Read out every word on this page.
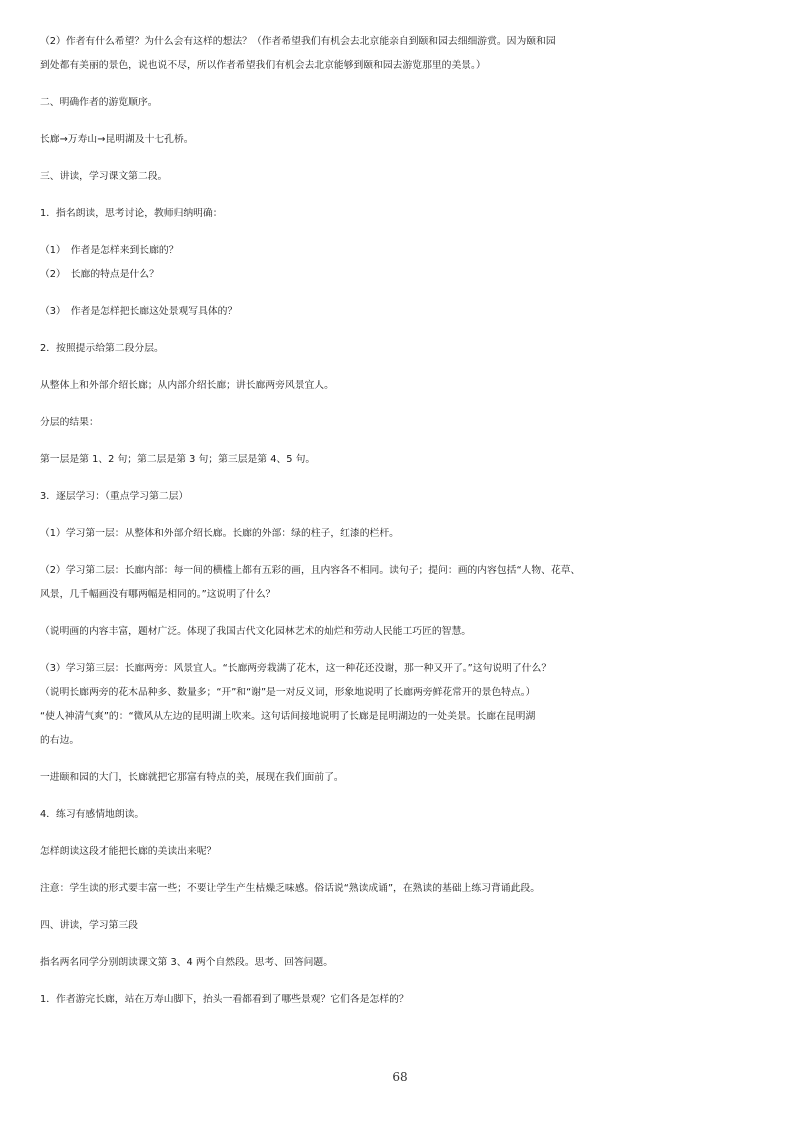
（2）作者有什么希望？为什么会有这样的想法？（作者希望我们有机会去北京能亲自到颐和园去细细游赏。因为颐和园

到处都有美丽的景色，说也说不尽，所以作者希望我们有机会去北京能够到颐和园去游览那里的美景。）

二、明确作者的游览顺序。

长廊→万寿山→昆明湖及十七孔桥。

三、讲读，学习课文第二段。

1．指名朗读，思考讨论，教师归纳明确：

（1）　作者是怎样来到长廊的？

（2）　长廊的特点是什么？

（3）　作者是怎样把长廊这处景观写具体的？

2．按照提示给第二段分层。

从整体上和外部介绍长廊；从内部介绍长廊；讲长廊两旁风景宜人。

分层的结果：

第一层是第 1、2 句；第二层是第 3 句；第三层是第 4、5 句。

3．逐层学习：（重点学习第二层）

（1）学习第一层：从整体和外部介绍长廊。长廊的外部：绿的柱子，红漆的栏杆。

（2）学习第二层：长廊内部：每一间的横槛上都有五彩的画，且内容各不相同。读句子；提问：画的内容包括“人物、花草、

风景，几千幅画没有哪两幅是相同的。”这说明了什么？

（说明画的内容丰富，题材广泛。体现了我国古代文化园林艺术的灿烂和劳动人民能工巧匠的智慧。

（3）学习第三层：长廊两旁：风景宜人。“长廊两旁栽满了花木，这一种花还没谢，那一种又开了。”这句说明了什么？

（说明长廊两旁的花木品种多、数量多；“开”和“谢”是一对反义词，形象地说明了长廊两旁鲜花常开的景色特点。）

“使人神清气爽”的：“微风从左边的昆明湖上吹来。这句话间接地说明了长廊是昆明湖边的一处美景。长廊在昆明湖

的右边。

一进颐和园的大门，长廊就把它那富有特点的美，展现在我们面前了。

4．练习有感情地朗读。

怎样朗读这段才能把长廊的美读出来呢？

注意：学生读的形式要丰富一些；不要让学生产生枯燥乏味感。俗话说“熟读成诵”，在熟读的基础上练习背诵此段。

四、讲读，学习第三段

指名两名同学分别朗读课文第 3、4 两个自然段。思考、回答问题。

1．作者游完长廊，站在万寿山脚下，抬头一看都看到了哪些景观？它们各是怎样的？

68
